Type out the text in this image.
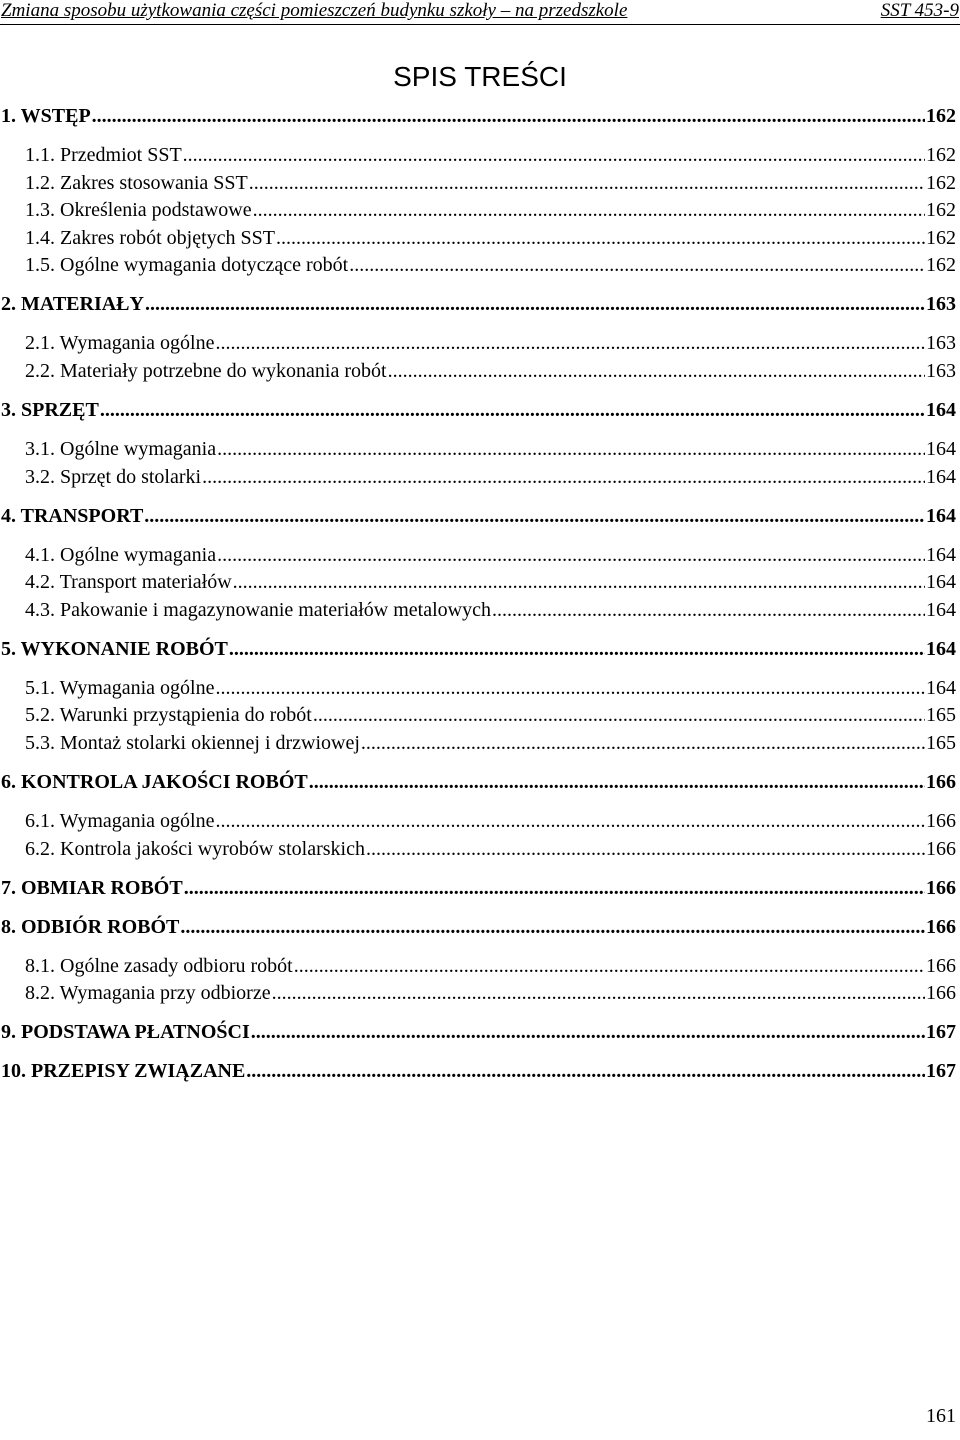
Zmiana sposobu użytkowania części pomieszczeń budynku szkoły – na przedszkole	SST 453-9
SPIS TREŚCI
1. WSTĘP .....	162
1.1. Przedmiot SST .....	162
1.2. Zakres stosowania SST .....	162
1.3. Określenia podstawowe .....	162
1.4. Zakres robót objętych SST .....	162
1.5. Ogólne wymagania dotyczące robót .....	162
2. MATERIAŁY .....	163
2.1. Wymagania ogólne .....	163
2.2. Materiały potrzebne do wykonania robót .....	163
3. SPRZĘT .....	164
3.1. Ogólne wymagania .....	164
3.2. Sprzęt do stolarki .....	164
4. TRANSPORT .....	164
4.1. Ogólne wymagania .....	164
4.2. Transport materiałów .....	164
4.3. Pakowanie i magazynowanie materiałów metalowych .....	164
5. WYKONANIE ROBÓT .....	164
5.1. Wymagania ogólne .....	164
5.2. Warunki przystąpienia do robót .....	165
5.3. Montaż stolarki okiennej i drzwiowej .....	165
6. KONTROLA JAKOŚCI ROBÓT .....	166
6.1. Wymagania ogólne .....	166
6.2. Kontrola jakości wyrobów stolarskich .....	166
7. OBMIAR ROBÓT .....	166
8. ODBIÓR ROBÓT .....	166
8.1. Ogólne zasady odbioru robót .....	166
8.2. Wymagania przy odbiorze .....	166
9. PODSTAWA PŁATNOŚCI .....	167
10. PRZEPISY ZWIĄZANE .....	167
161
